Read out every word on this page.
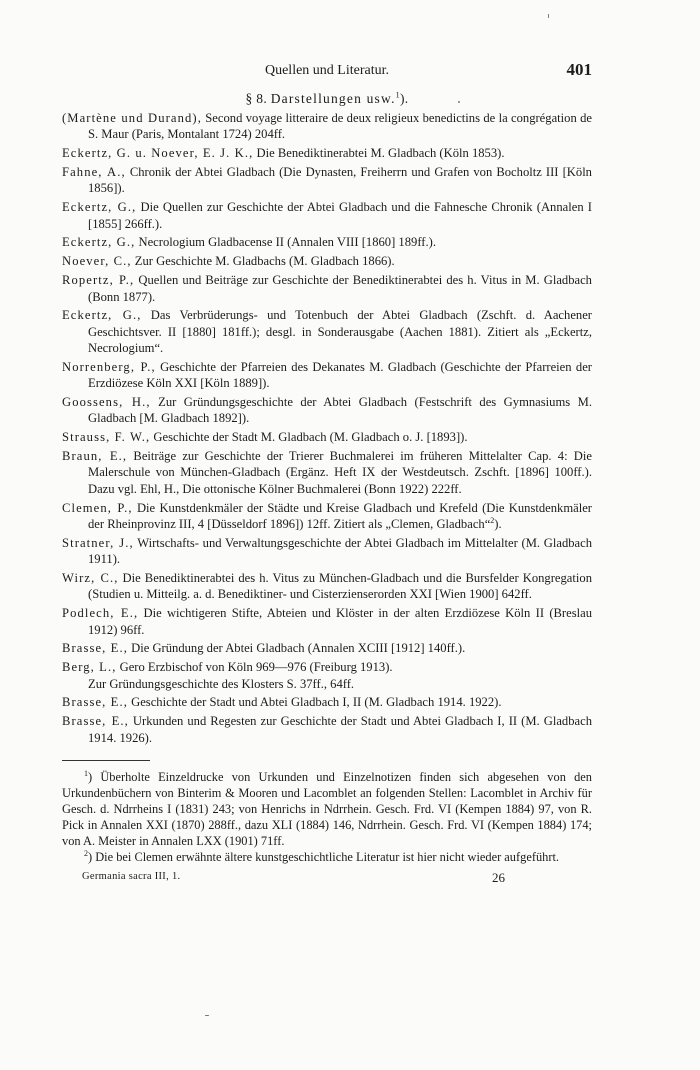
Quellen und Literatur.	401
§ 8. Darstellungen usw.$^1$).
(Martène und Durand), Second voyage litteraire de deux religieux benedictins de la congrégation de S. Maur (Paris, Montalant 1724) 204ff.
Eckertz, G. u. Noever, E. J. K., Die Benediktinerabtei M. Gladbach (Köln 1853).
Fahne, A., Chronik der Abtei Gladbach (Die Dynasten, Freiherrn und Grafen von Bocholtz III [Köln 1856]).
Eckertz, G., Die Quellen zur Geschichte der Abtei Gladbach und die Fahnesche Chronik (Annalen I [1855] 266ff.).
Eckertz, G., Necrologium Gladbacense II (Annalen VIII [1860] 189ff.).
Noever, C., Zur Geschichte M. Gladbachs (M. Gladbach 1866).
Ropertz, P., Quellen und Beiträge zur Geschichte der Benediktinerabtei des h. Vitus in M. Gladbach (Bonn 1877).
Eckertz, G., Das Verbrüderungs- und Totenbuch der Abtei Gladbach (Zschft. d. Aachener Geschichtsver. II [1880] 181ff.); desgl. in Sonderausgabe (Aachen 1881). Zitiert als „Eckertz, Necrologium“.
Norrenberg, P., Geschichte der Pfarreien des Dekanates M. Gladbach (Geschichte der Pfarreien der Erzdiözese Köln XXI [Köln 1889]).
Goossens, H., Zur Gründungsgeschichte der Abtei Gladbach (Festschrift des Gymnasiums M. Gladbach [M. Gladbach 1892]).
Strauss, F. W., Geschichte der Stadt M. Gladbach (M. Gladbach o. J. [1893]).
Braun, E., Beiträge zur Geschichte der Trierer Buchmalerei im früheren Mittelalter Cap. 4: Die Malerschule von München-Gladbach (Ergänz. Heft IX der Westdeutsch. Zschft. [1896] 100ff.). Dazu vgl. Ehl, H., Die ottonische Kölner Buchmalerei (Bonn 1922) 222ff.
Clemen, P., Die Kunstdenkmäler der Städte und Kreise Gladbach und Krefeld (Die Kunstdenkmäler der Rheinprovinz III, 4 [Düsseldorf 1896]) 12ff. Zitiert als „Clemen, Gladbach“$^2$).
Stratner, J., Wirtschafts- und Verwaltungsgeschichte der Abtei Gladbach im Mittelalter (M. Gladbach 1911).
Wirz, C., Die Benediktinerabtei des h. Vitus zu München-Gladbach und die Bursfelder Kongregation (Studien u. Mitteilg. a. d. Benediktiner- und Cisterzienserorden XXI [Wien 1900] 642ff.
Podlech, E., Die wichtigeren Stifte, Abteien und Klöster in der alten Erzdiözese Köln II (Breslau 1912) 96ff.
Brasse, E., Die Gründung der Abtei Gladbach (Annalen XCIII [1912] 140ff.).
Berg, L., Gero Erzbischof von Köln 969—976 (Freiburg 1913).
Zur Gründungsgeschichte des Klosters S. 37ff., 64ff.
Brasse, E., Geschichte der Stadt und Abtei Gladbach I, II (M. Gladbach 1914. 1922).
Brasse, E., Urkunden und Regesten zur Geschichte der Stadt und Abtei Gladbach I, II (M. Gladbach 1914. 1926).

$^1$) Überholte Einzeldrucke von Urkunden und Einzelnotizen finden sich abgesehen von den Urkundenbüchern von Binterim & Mooren und Lacomblet an folgenden Stellen: Lacomblet in Archiv für Gesch. d. Ndrrheins I (1831) 243; von Henrichs in Ndrrhein. Gesch. Frd. VI (Kempen 1884) 97, von R. Pick in Annalen XXI (1870) 288ff., dazu XLI (1884) 146, Ndrrhein. Gesch. Frd. VI (Kempen 1884) 174; von A. Meister in Annalen LXX (1901) 71ff.

$^2$) Die bei Clemen erwähnte ältere kunstgeschichtliche Literatur ist hier nicht wieder aufgeführt.

Germania sacra III, 1.	26
